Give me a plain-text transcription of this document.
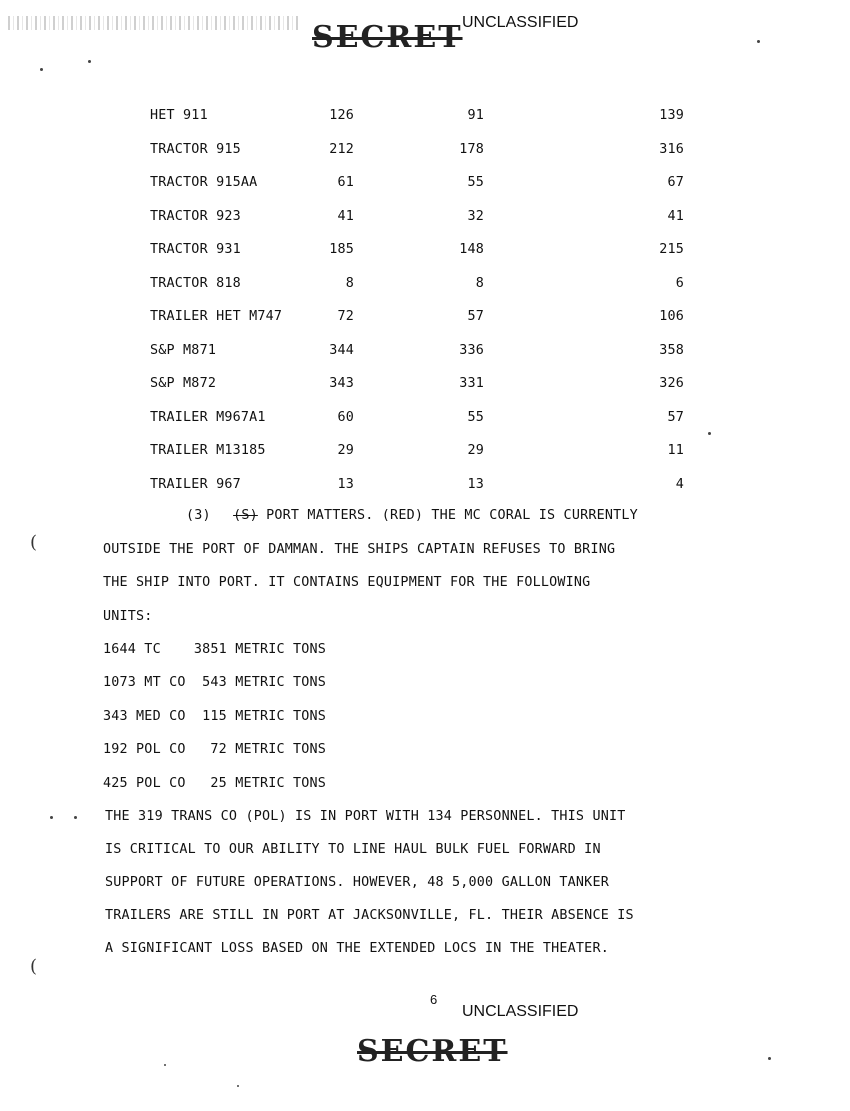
SECRET UNCLASSIFIED
HET 911	126	91	139
TRACTOR 915	212	178	316
TRACTOR 915AA	61	55	67
TRACTOR 923	41	32	41
TRACTOR 931	185	148	215
TRACTOR 818	8	8	6
TRAILER HET M747	72	57	106
S&P M871	344	336	358
S&P M872	343	331	326
TRAILER M967A1	60	55	57
TRAILER M13185	29	29	11
TRAILER 967	13	13	4
(3) (S) PORT MATTERS. (RED) THE MC CORAL IS CURRENTLY
OUTSIDE THE PORT OF DAMMAN. THE SHIPS CAPTAIN REFUSES TO BRING
THE SHIP INTO PORT. IT CONTAINS EQUIPMENT FOR THE FOLLOWING
UNITS:
1644 TC    3851 METRIC TONS
1073 MT CO  543 METRIC TONS
343 MED CO  115 METRIC TONS
192 POL CO   72 METRIC TONS
425 POL CO   25 METRIC TONS
THE 319 TRANS CO (POL) IS IN PORT WITH 134 PERSONNEL. THIS UNIT
IS CRITICAL TO OUR ABILITY TO LINE HAUL BULK FUEL FORWARD IN
SUPPORT OF FUTURE OPERATIONS. HOWEVER, 48 5,000 GALLON TANKER
TRAILERS ARE STILL IN PORT AT JACKSONVILLE, FL. THEIR ABSENCE IS
A SIGNIFICANT LOSS BASED ON THE EXTENDED LOCS IN THE THEATER.
(
(
6
UNCLASSIFIED
SECRET
